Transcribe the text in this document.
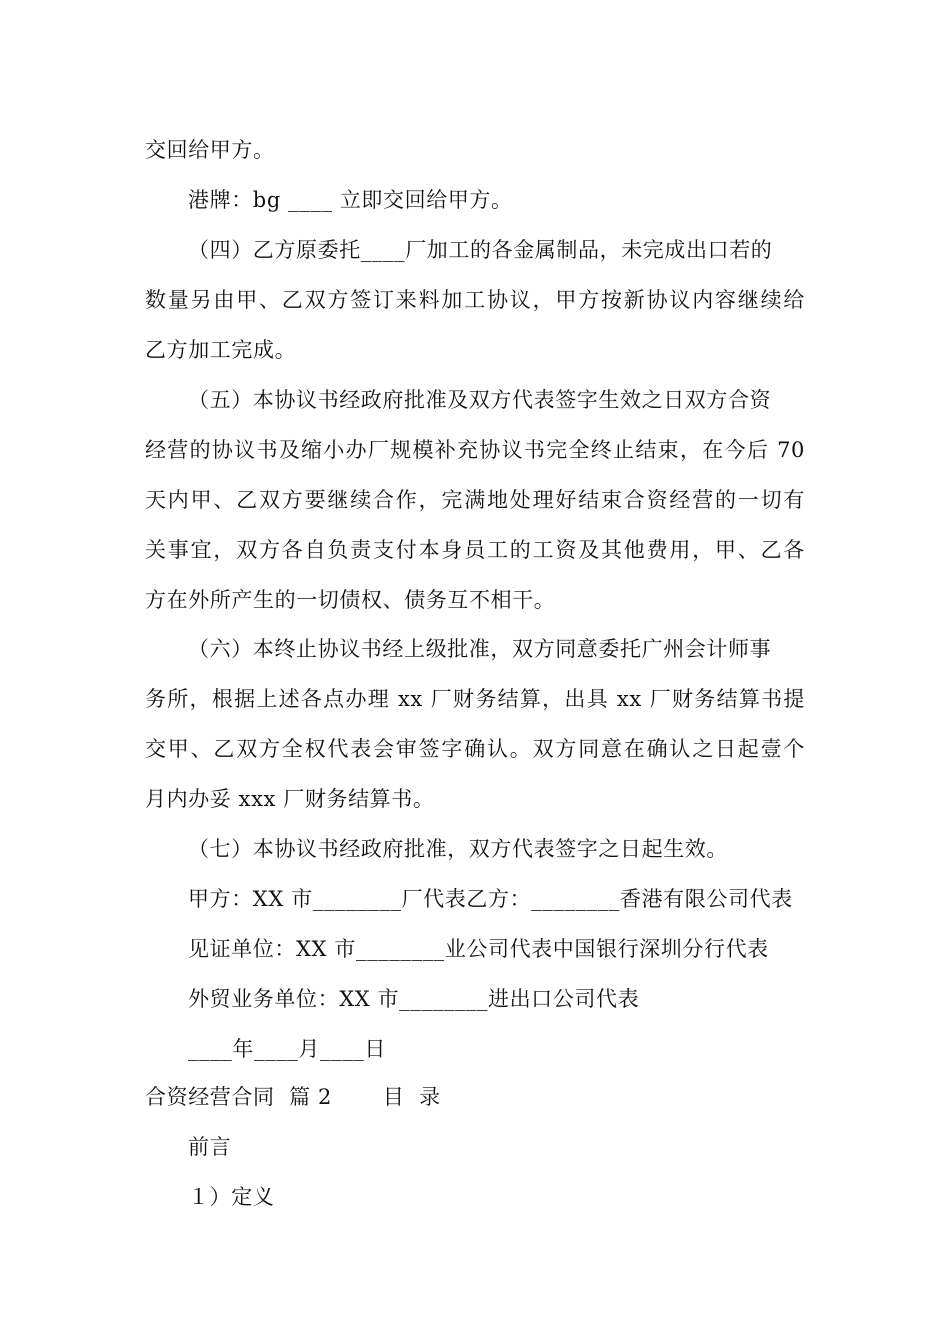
交回给甲方。
港牌：bg ____ 立即交回给甲方。
（四）乙方原委托____厂加工的各金属制品，未完成出口若的
数量另由甲、乙双方签订来料加工协议，甲方按新协议内容继续给
乙方加工完成。
（五）本协议书经政府批准及双方代表签字生效之日双方合资
经营的协议书及缩小办厂规模补充协议书完全终止结束，在今后 70
天内甲、乙双方要继续合作，完满地处理好结束合资经营的一切有
关事宜，双方各自负责支付本身员工的工资及其他费用，甲、乙各
方在外所产生的一切债权、债务互不相干。
（六）本终止协议书经上级批准，双方同意委托广州会计师事
务所，根据上述各点办理 xx 厂财务结算，出具 xx 厂财务结算书提
交甲、乙双方全权代表会审签字确认。双方同意在确认之日起壹个
月内办妥 xxx 厂财务结算书。
（七）本协议书经政府批准，双方代表签字之日起生效。
甲方：XX 市________厂代表乙方：________香港有限公司代表
见证单位：XX 市________业公司代表中国银行深圳分行代表
外贸业务单位：XX 市________进出口公司代表
____年____月____日
合资经营合同  篇 2       目  录
前言
１）定义
